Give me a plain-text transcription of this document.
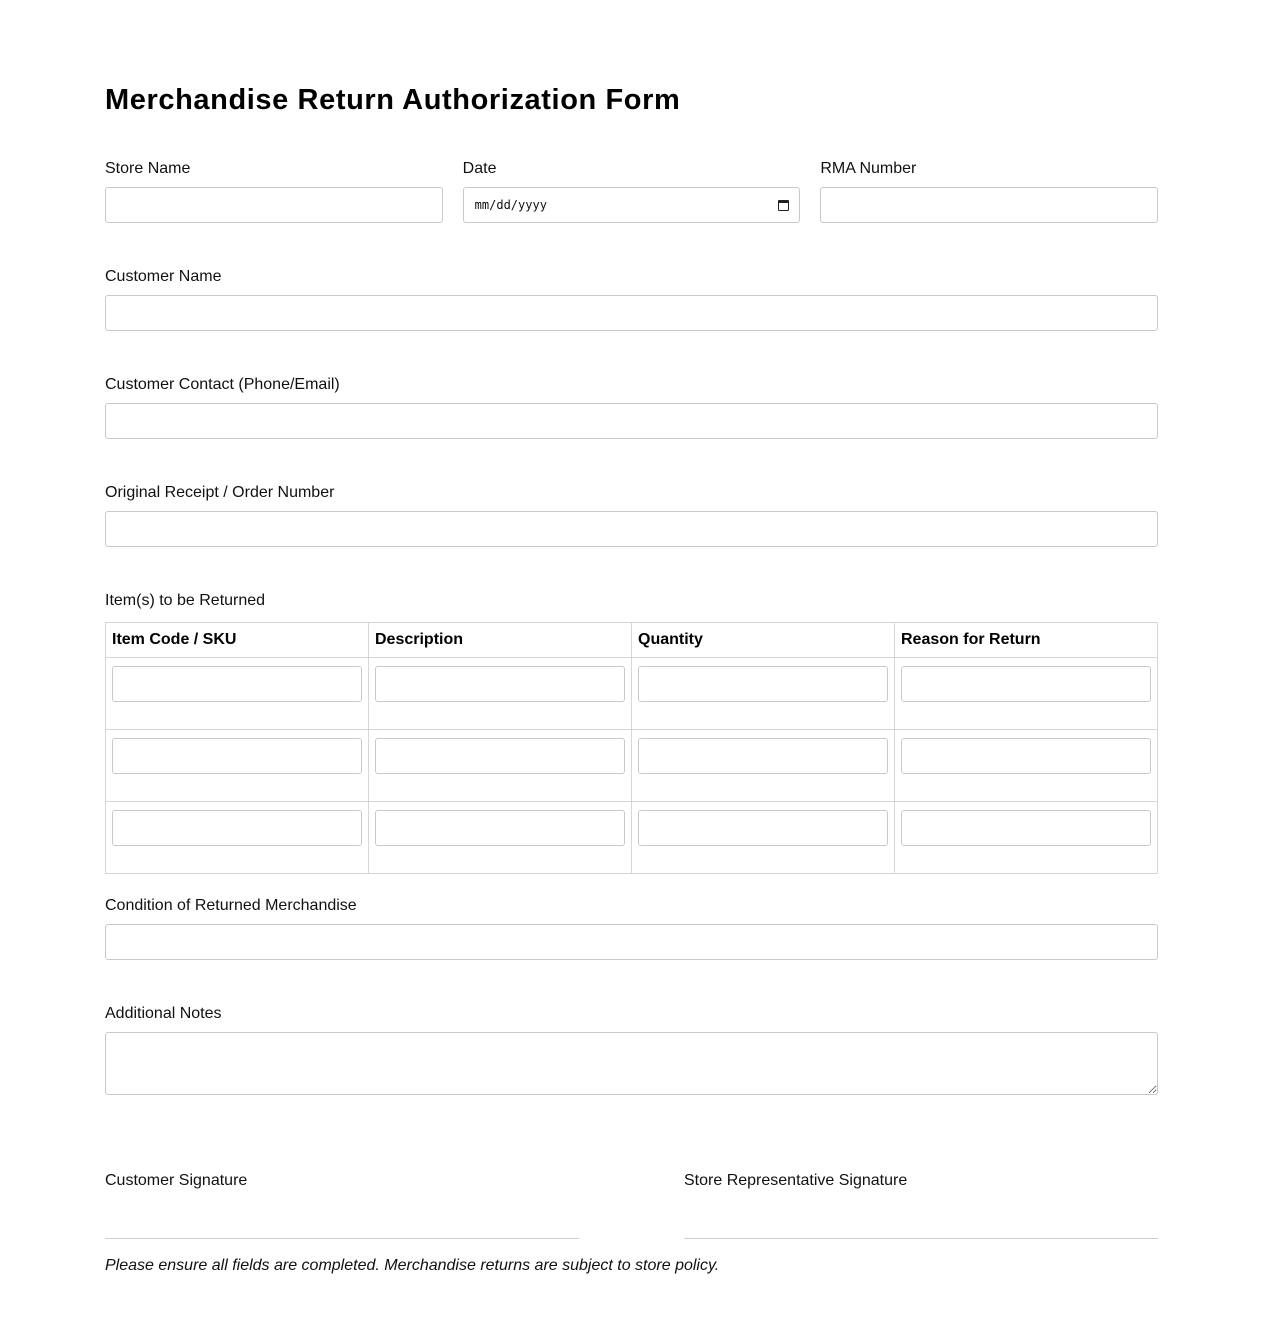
Merchandise Return Authorization Form
Store Name	Date
mm/dd/yyyy
RMA Number
Customer Name
Customer Contact (Phone/Email)
Original Receipt / Order Number
Item(s) to be Returned
Item Code / SKU	Description	Quantity	Reason for Return

Condition of Returned Merchandise
Additional Notes
Customer Signature	Store Representative Signature
Please ensure all fields are completed. Merchandise returns are subject to store policy.
